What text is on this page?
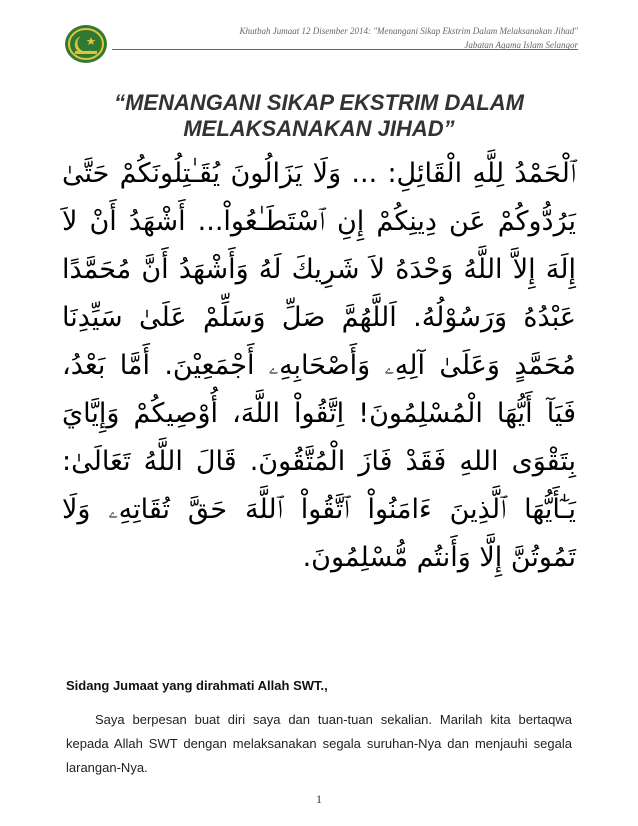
Khutbah Jumaat 12 Disember 2014: "Menangani Sikap Ekstrim Dalam Melaksanakan Jihad"
Jabatan Agama Islam Selangor
“MENANGANI SIKAP EKSTRIM DALAM
MELAKSANAKAN JIHAD”

ٱلْحَمْدُ لِلَّهِ الْقَائِلِ: ... وَلَا يَزَالُونَ يُقَـٰتِلُونَكُمْ حَتَّىٰ يَرُدُّوكُمْ عَن دِينِكُمْ إِنِ ٱسْتَطَـٰعُواْ... أَشْهَدُ أَنْ لاَ إِلَهَ إِلاَّ اللَّهُ وَحْدَهُ لاَ شَرِيكَ لَهُ وَأَشْهَدُ أَنَّ مُحَمَّدًا عَبْدُهُ وَرَسُوْلُهُ. اَللَّهُمَّ صَلِّ وَسَلِّمْ عَلَىٰ سَيِّدِنَا مُحَمَّدٍ وَعَلَىٰ آلِهِۦ وَأَصْحَابِهِۦ أَجْمَعِيْنَ. أَمَّا بَعْدُ، فَيَآ أَيُّهَا الْمُسْلِمُونَ! اِتَّقُواْ اللَّهَ، أُوْصِيكُمْ وَإِيَّايَ بِتَقْوَى اللهِ فَقَدْ فَازَ الْمُتَّقُونَ. قَالَ اللَّهُ تَعَالَىٰ: يَـٰٓأَيُّهَا ٱلَّذِينَ ءَامَنُواْ ٱتَّقُواْ ٱللَّهَ حَقَّ تُقَاتِهِۦ وَلَا تَمُوتُنَّ إِلَّا وَأَنتُم مُّسْلِمُونَ.

Sidang Jumaat yang dirahmati Allah SWT.,
Saya berpesan buat diri saya dan tuan-tuan sekalian. Marilah kita bertaqwa kepada Allah SWT dengan melaksanakan segala suruhan-Nya dan menjauhi segala larangan-Nya.
1
